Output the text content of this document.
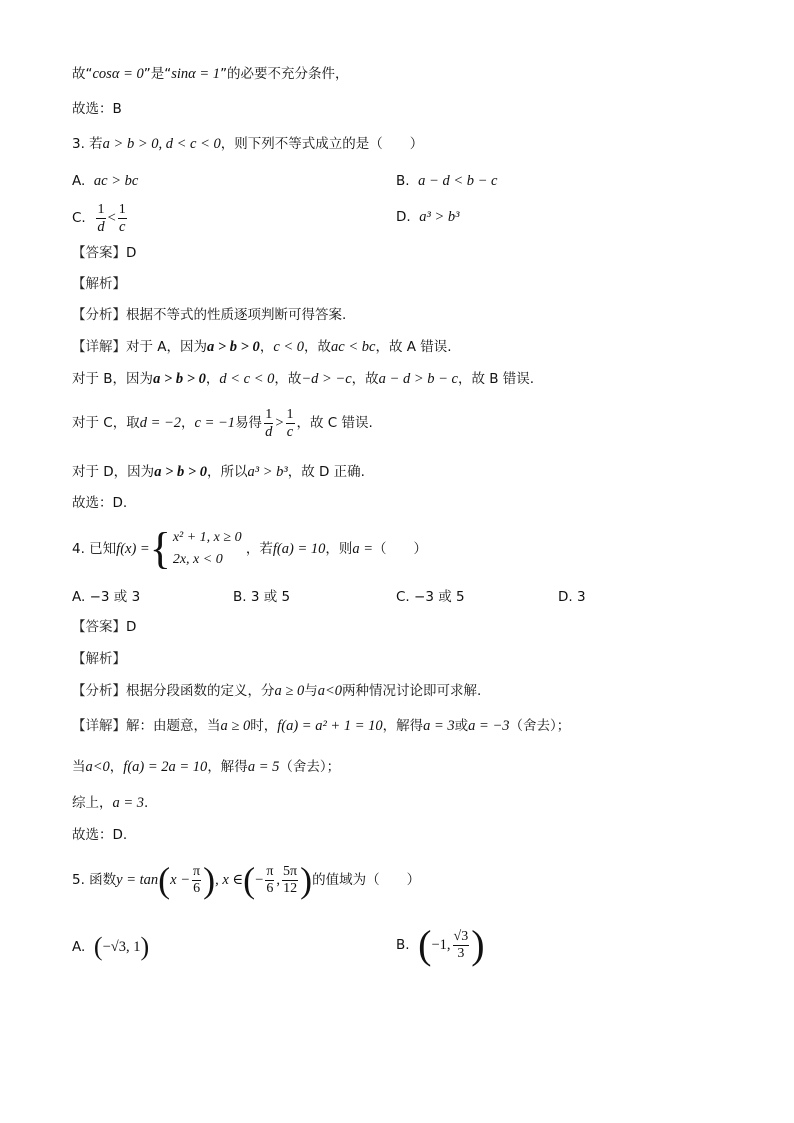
故“cosα = 0”是“sinα = 1”的必要不充分条件，
故选：B
3. 若a > b > 0, d < c < 0，则下列不等式成立的是（　　）
A. ac > bc	B. a − d < b − c
C. $\frac{1}{d} < \frac{1}{c}$	D. a³ > b³
【答案】D
【解析】
【分析】根据不等式的性质逐项判断可得答案.
【详解】对于 A，因为a > b > 0，c < 0，故ac < bc，故 A 错误.
对于 B，因为a > b > 0，d < c < 0，故−d > −c，故a − d > b − c，故 B 错误.
对于 C，取d = −2，c = −1易得 $\frac{1}{d} > \frac{1}{c}$ ，故 C 错误.
对于 D，因为a > b > 0，所以a³ > b³，故 D 正确.
故选：D.
4. 已知f(x) ={ x² + 1, x ≥ 0
2x, x < 0
，若f(a) = 10，则a =（　　）
A. −3 或 3	B. 3 或 5	C. −3 或 5	D. 3
【答案】D
【解析】
【分析】根据分段函数的定义，分a ≥ 0与a<0两种情况讨论即可求解.
【详解】解：由题意，当a ≥ 0时，f(a) = a² + 1 = 10，解得a = 3或a = −3（舍去）；
当a<0，f(a) = 2a = 10，解得a = 5（舍去）；
综上，a = 3.
故选：D.
5. 函数$y = \tan(x - \frac{\pi}{6}$ ), x ∈(− $\frac{\pi}{6}$ , $\frac{5\pi}{12}$ )的值域为（　　）
A. (−√3, 1)	B. (−1, $\frac{√3}{3}$ )
